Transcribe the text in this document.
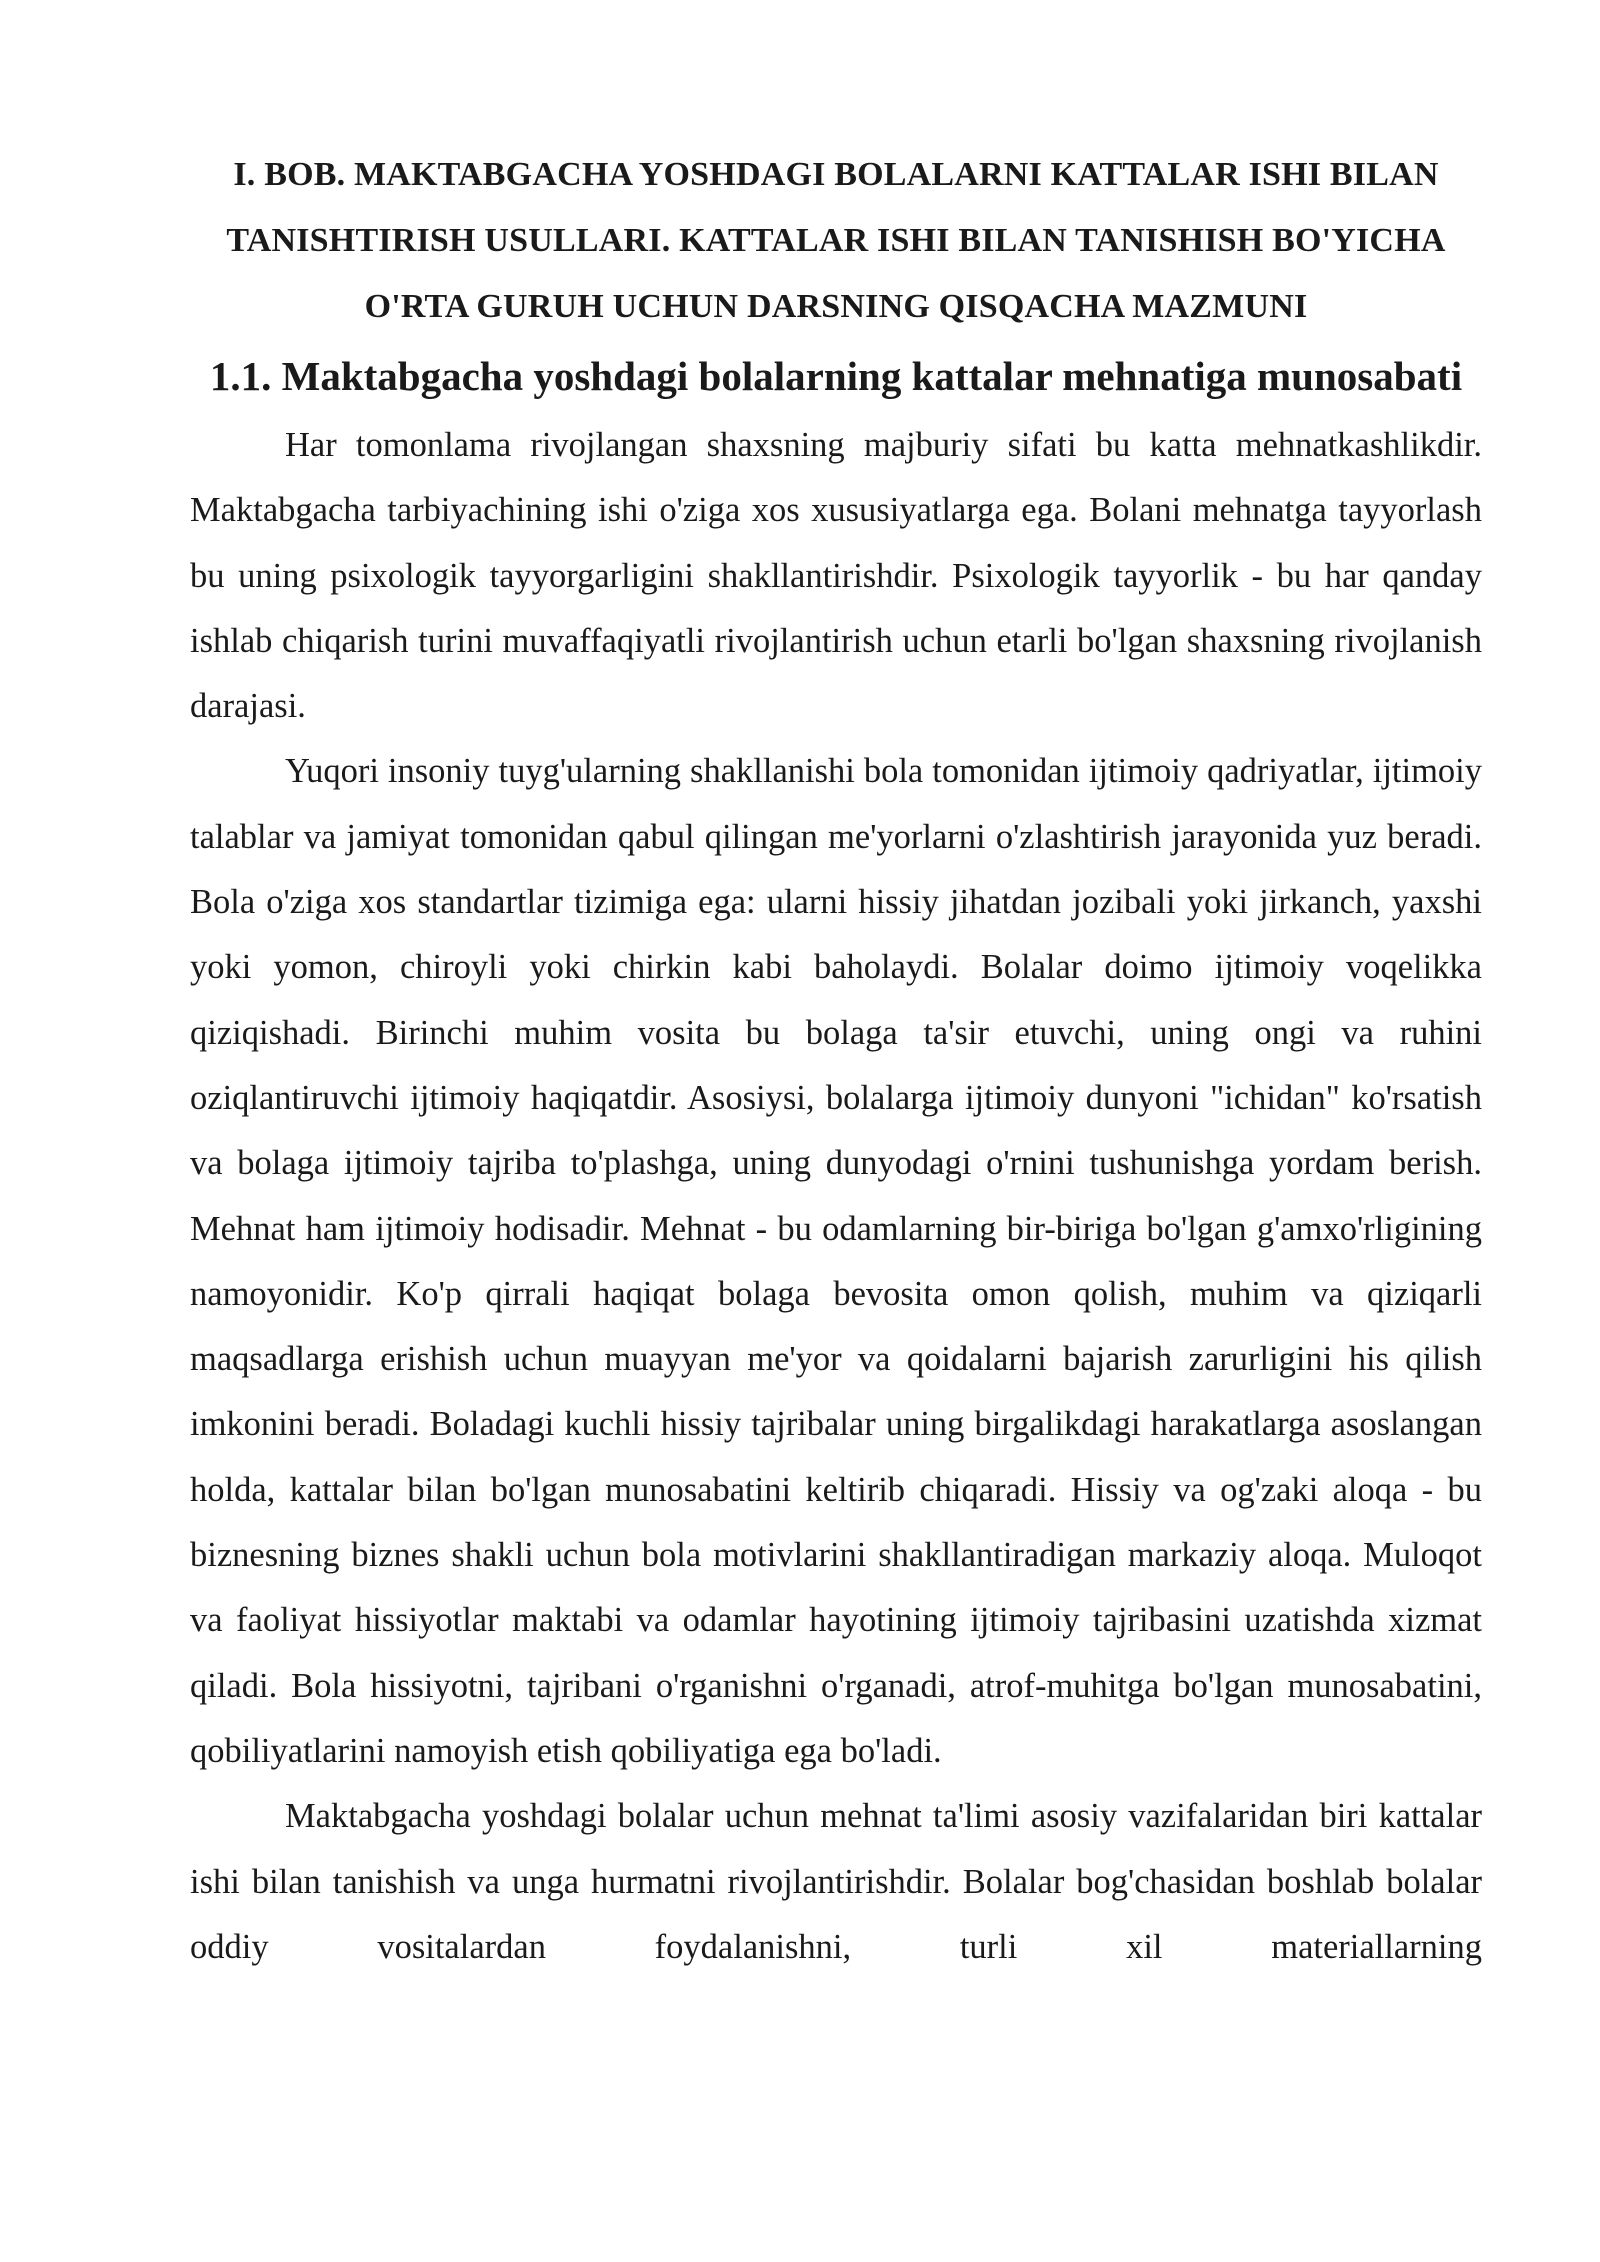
I. BOB. MAKTABGACHA YOSHDAGI BOLALARNI KATTALAR ISHI BILAN TANISHTIRISH USULLARI. KATTALAR ISHI BILAN TANISHISH BO'YICHA O'RTA GURUH UCHUN DARSNING QISQACHA MAZMUNI
1.1. Maktabgacha yoshdagi bolalarning kattalar mehnatiga munosabati

Har tomonlama rivojlangan shaxsning majburiy sifati bu katta mehnatkashlikdir. Maktabgacha tarbiyachining ishi o'ziga xos xususiyatlarga ega. Bolani mehnatga tayyorlash bu uning psixologik tayyorgarligini shakllantirishdir. Psixologik tayyorlik - bu har qanday ishlab chiqarish turini muvaffaqiyatli rivojlantirish uchun etarli bo'lgan shaxsning rivojlanish darajasi.

Yuqori insoniy tuyg'ularning shakllanishi bola tomonidan ijtimoiy qadriyatlar, ijtimoiy talablar va jamiyat tomonidan qabul qilingan me'yorlarni o'zlashtirish jarayonida yuz beradi. Bola o'ziga xos standartlar tizimiga ega: ularni hissiy jihatdan jozibali yoki jirkanch, yaxshi yoki yomon, chiroyli yoki chirkin kabi baholaydi. Bolalar doimo ijtimoiy voqelikka qiziqishadi. Birinchi muhim vosita bu bolaga ta'sir etuvchi, uning ongi va ruhini oziqlantiruvchi ijtimoiy haqiqatdir. Asosiysi, bolalarga ijtimoiy dunyoni "ichidan" ko'rsatish va bolaga ijtimoiy tajriba to'plashga, uning dunyodagi o'rnini tushunishga yordam berish. Mehnat ham ijtimoiy hodisadir. Mehnat - bu odamlarning bir-biriga bo'lgan g'amxo'rligining namoyonidir. Ko'p qirrali haqiqat bolaga bevosita omon qolish, muhim va qiziqarli maqsadlarga erishish uchun muayyan me'yor va qoidalarni bajarish zarurligini his qilish imkonini beradi. Boladagi kuchli hissiy tajribalar uning birgalikdagi harakatlarga asoslangan holda, kattalar bilan bo'lgan munosabatini keltirib chiqaradi. Hissiy va og'zaki aloqa - bu biznesning biznes shakli uchun bola motivlarini shakllantiradigan markaziy aloqa. Muloqot va faoliyat hissiyotlar maktabi va odamlar hayotining ijtimoiy tajribasini uzatishda xizmat qiladi. Bola hissiyotni, tajribani o'rganishni o'rganadi, atrof-muhitga bo'lgan munosabatini, qobiliyatlarini namoyish etish qobiliyatiga ega bo'ladi.

Maktabgacha yoshdagi bolalar uchun mehnat ta'limi asosiy vazifalaridan biri kattalar ishi bilan tanishish va unga hurmatni rivojlantirishdir. Bolalar bog'chasidan boshlab bolalar oddiy vositalardan foydalanishni, turli xil materiallarning
